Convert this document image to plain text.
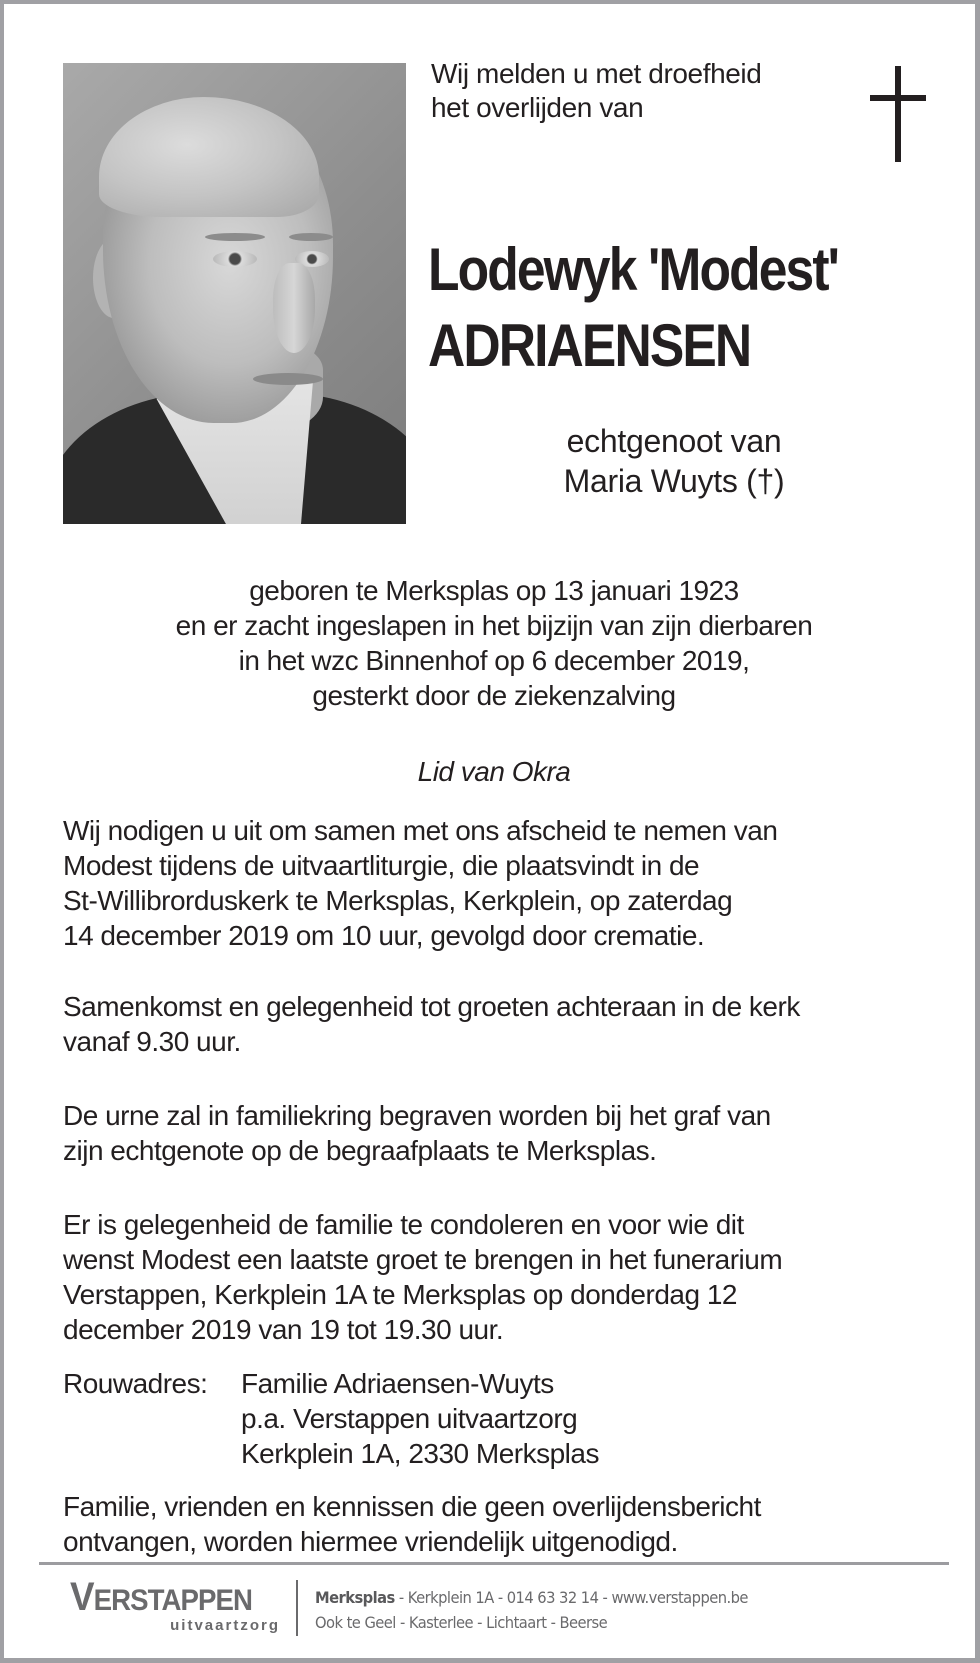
Wij melden u met droefheid
het overlijden van
Lodewyk 'Modest'
ADRIAENSEN
echtgenoot van
Maria Wuyts (†)
geboren te Merksplas op 13 januari 1923
en er zacht ingeslapen in het bijzijn van zijn dierbaren
in het wzc Binnenhof op 6 december 2019,
gesterkt door de ziekenzalving
Lid van Okra
Wij nodigen u uit om samen met ons afscheid te nemen van
Modest tijdens de uitvaartliturgie, die plaatsvindt in de
St-Willibrorduskerk te Merksplas, Kerkplein, op zaterdag
14 december 2019 om 10 uur, gevolgd door crematie.
Samenkomst en gelegenheid tot groeten achteraan in de kerk
vanaf 9.30 uur.
De urne zal in familiekring begraven worden bij het graf van
zijn echtgenote op de begraafplaats te Merksplas.
Er is gelegenheid de familie te condoleren en voor wie dit
wenst Modest een laatste groet te brengen in het funerarium
Verstappen, Kerkplein 1A te Merksplas op donderdag 12
december 2019 van 19 tot 19.30 uur.
Rouwadres:	Familie Adriaensen-Wuyts
p.a. Verstappen uitvaartzorg
Kerkplein 1A, 2330 Merksplas
Familie, vrienden en kennissen die geen overlijdensbericht
ontvangen, worden hiermee vriendelijk uitgenodigd.
VERSTAPPEN
uitvaartzorg
Merksplas - Kerkplein 1A - 014 63 32 14 - www.verstappen.be
Ook te Geel - Kasterlee - Lichtaart - Beerse
